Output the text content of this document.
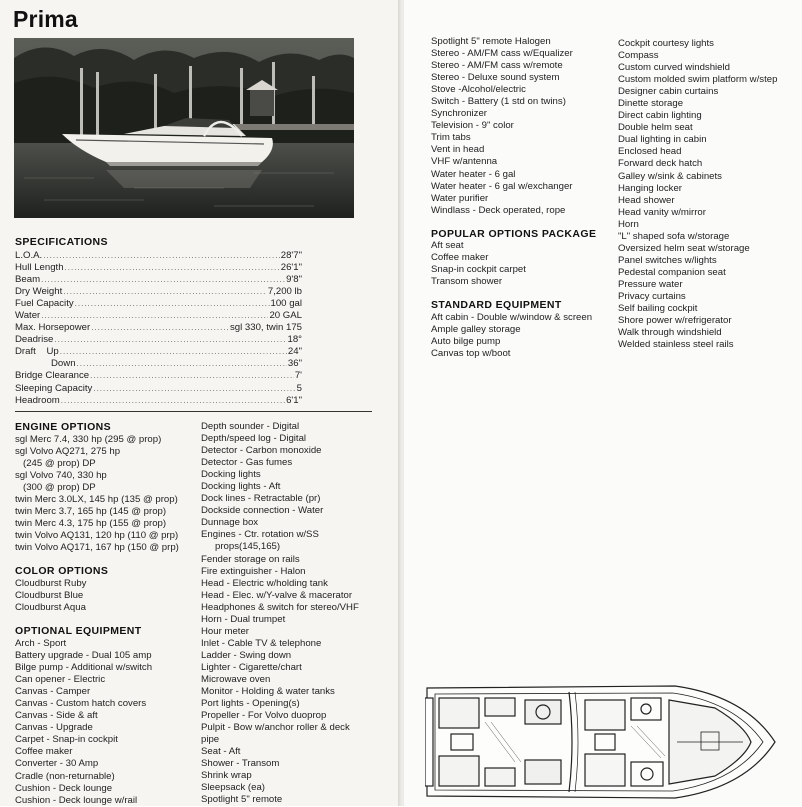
Prima
SPECIFICATIONS
L.O.A. .....	28'7"
Hull Length .....	26'1"
Beam .....	9'8"
Dry Weight .....	7,200 lb
Fuel Capacity .....	100 gal
Water .....	20 GAL
Max. Horsepower .....	sgl 330, twin 175
Deadrise .....	18°
Draft    Up .....	24"
Down .....	36"
Bridge Clearance .....	7'
Sleeping Capacity .....	5
Headroom .....	6'1"
ENGINE OPTIONS
sgl Merc 7.4, 330 hp (295 @ prop)
sgl Volvo AQ271, 275 hp
(245 @ prop) DP
sgl Volvo 740, 330 hp
(300 @ prop) DP
twin Merc 3.0LX, 145 hp (135 @ prop)
twin Merc 3.7, 165 hp (145 @ prop)
twin Merc 4.3, 175 hp (155 @ prop)
twin Volvo AQ131, 120 hp (110 @ prp)
twin Volvo AQ171, 167 hp (150 @ prp)
COLOR OPTIONS
Cloudburst Ruby
Cloudburst Blue
Cloudburst Aqua
OPTIONAL EQUIPMENT
Arch - Sport
Battery upgrade - Dual 105 amp
Bilge pump - Additional w/switch
Can opener - Electric
Canvas - Camper
Canvas - Custom hatch covers
Canvas - Side & aft
Canvas - Upgrade
Carpet - Snap-in cockpit
Coffee maker
Converter - 30 Amp
Cradle (non-returnable)
Cushion - Deck lounge
Cushion - Deck lounge w/rail
Depth sounder - Digital
Depth/speed log - Digital
Detector - Carbon monoxide
Detector - Gas fumes
Docking lights
Docking lights - Aft
Dock lines - Retractable (pr)
Dockside connection - Water
Dunnage box
Engines - Ctr. rotation w/SS
props(145,165)
Fender storage on rails
Fire extinguisher - Halon
Head - Electric w/holding tank
Head - Elec. w/Y-valve & macerator
Headphones & switch for stereo/VHF
Horn - Dual trumpet
Hour meter
Inlet - Cable TV & telephone
Ladder - Swing down
Lighter - Cigarette/chart
Microwave oven
Monitor - Holding & water tanks
Port lights - Opening(s)
Propeller - For Volvo duoprop
Pulpit - Bow w/anchor roller & deck
pipe
Seat - Aft
Shower - Transom
Shrink wrap
Sleepsack (ea)
Spotlight 5" remote
Spotlight 5" remote Halogen
Stereo - AM/FM cass w/Equalizer
Stereo - AM/FM cass w/remote
Stereo - Deluxe sound system
Stove -Alcohol/electric
Switch - Battery (1 std on twins)
Synchronizer
Television - 9" color
Trim tabs
Vent in head
VHF w/antenna
Water heater - 6 gal
Water heater - 6 gal w/exchanger
Water purifier
Windlass - Deck operated, rope
POPULAR OPTIONS PACKAGE
Aft seat
Coffee maker
Snap-in cockpit carpet
Transom shower
STANDARD EQUIPMENT
Aft cabin - Double w/window & screen
Ample galley storage
Auto bilge pump
Canvas top w/boot
Cockpit courtesy lights
Compass
Custom curved windshield
Custom molded swim platform w/step
Designer cabin curtains
Dinette storage
Direct cabin lighting
Double helm seat
Dual lighting in cabin
Enclosed head
Forward deck hatch
Galley w/sink & cabinets
Hanging locker
Head shower
Head vanity w/mirror
Horn
"L" shaped sofa w/storage
Oversized helm seat w/storage
Panel switches w/lights
Pedestal companion seat
Pressure water
Privacy curtains
Self bailing cockpit
Shore power w/refrigerator
Walk through windshield
Welded stainless steel rails
